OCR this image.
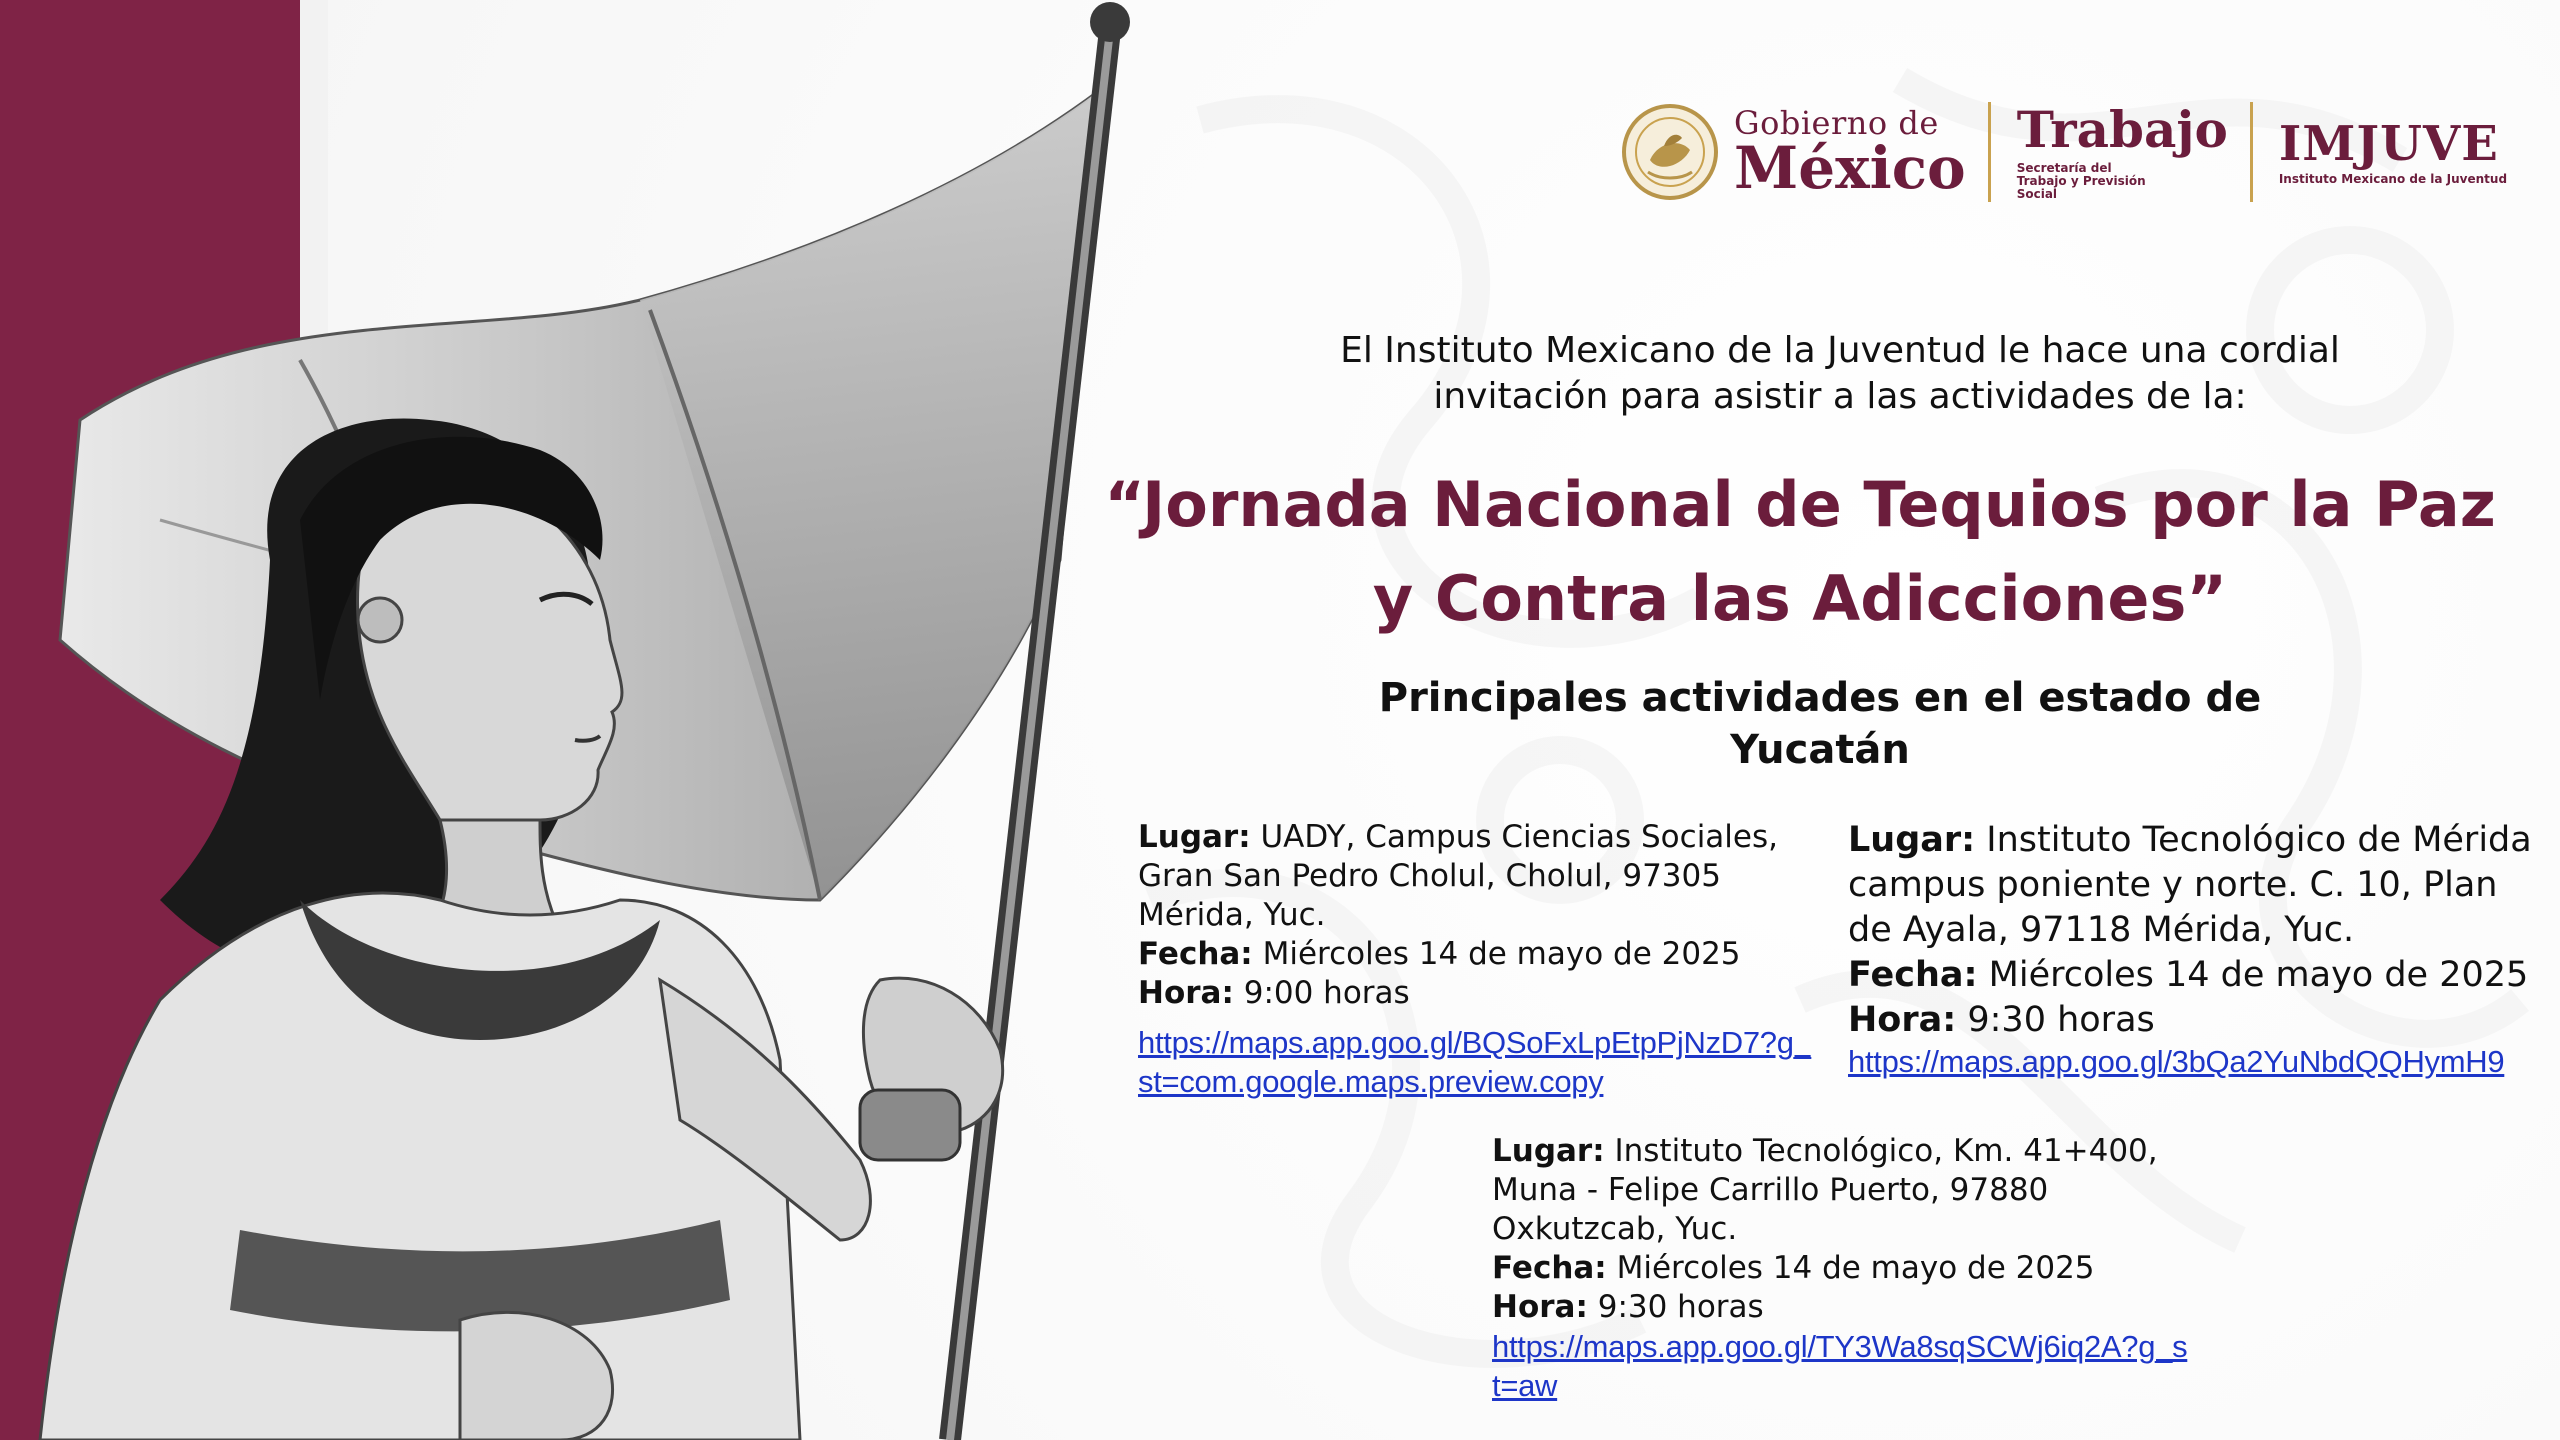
Gobierno de
México
Trabajo
Secretaría del Trabajo y Previsión Social
IMJUVE
Instituto Mexicano de la Juventud
El Instituto Mexicano de la Juventud le hace una cordial
invitación para asistir a las actividades de la:
“Jornada Nacional de Tequios por la Paz
y Contra las Adicciones”
Principales actividades en el estado de
Yucatán
Lugar: UADY, Campus Ciencias Sociales, Gran San Pedro Cholul, Cholul, 97305 Mérida, Yuc.
Fecha: Miércoles 14 de mayo de 2025
Hora: 9:00 horas
https://maps.app.goo.gl/BQSoFxLpEtpPjNzD7?g_st=com.google.maps.preview.copy
Lugar: Instituto Tecnológico de Mérida campus poniente y norte. C. 10, Plan de Ayala, 97118 Mérida, Yuc.
Fecha: Miércoles 14 de mayo de 2025
Hora: 9:30 horas
https://maps.app.goo.gl/3bQa2YuNbdQQHymH9
Lugar: Instituto Tecnológico, Km. 41+400, Muna - Felipe Carrillo Puerto, 97880 Oxkutzcab, Yuc.
Fecha: Miércoles 14 de mayo de 2025
Hora: 9:30 horas
https://maps.app.goo.gl/TY3Wa8sqSCWj6iq2A?g_st=aw
